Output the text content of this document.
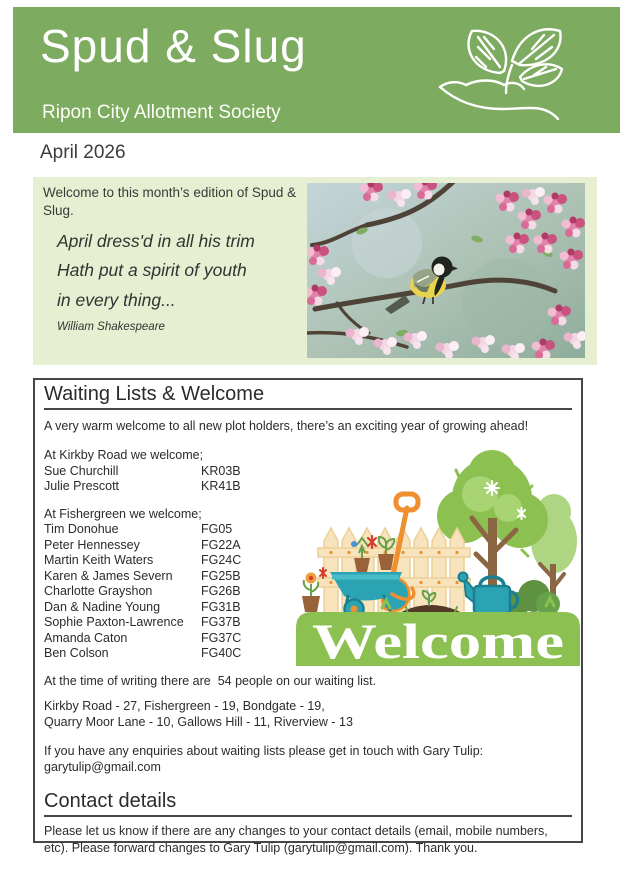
Spud & Slug
Ripon City Allotment Society
April 2026

Welcome to this month’s edition of Spud & Slug.

April dress'd in all his trim
Hath put a spirit of youth
in every thing...
William Shakespeare
Waiting Lists & Welcome

A very warm welcome to all new plot holders, there’s an exciting year of growing ahead!

At Kirkby Road we welcome;

Sue Churchill	KR03B
Julie Prescott	KR41B

At Fishergreen we welcome;

Tim Donohue	FG05
Peter Hennessey	FG22A
Martin Keith Waters	FG24C
Karen & James Severn	FG25B
Charlotte Grayshon	FG26B
Dan & Nadine Young	FG31B
Sophie Paxton-Lawrence	FG37B
Amanda Caton	FG37C
Ben Colson	FG40C

At the time of writing there are  54 people on our waiting list.

Kirkby Road - 27, Fishergreen - 19, Bondgate - 19,
Quarry Moor Lane - 10, Gallows Hill - 11, Riverview - 13

If you have any enquiries about waiting lists please get in touch with Gary Tulip: garytulip@gmail.com

Contact details

Please let us know if there are any changes to your contact details (email, mobile numbers, etc). Please forward changes to Gary Tulip (garytulip@gmail.com). Thank you.

Welcome
